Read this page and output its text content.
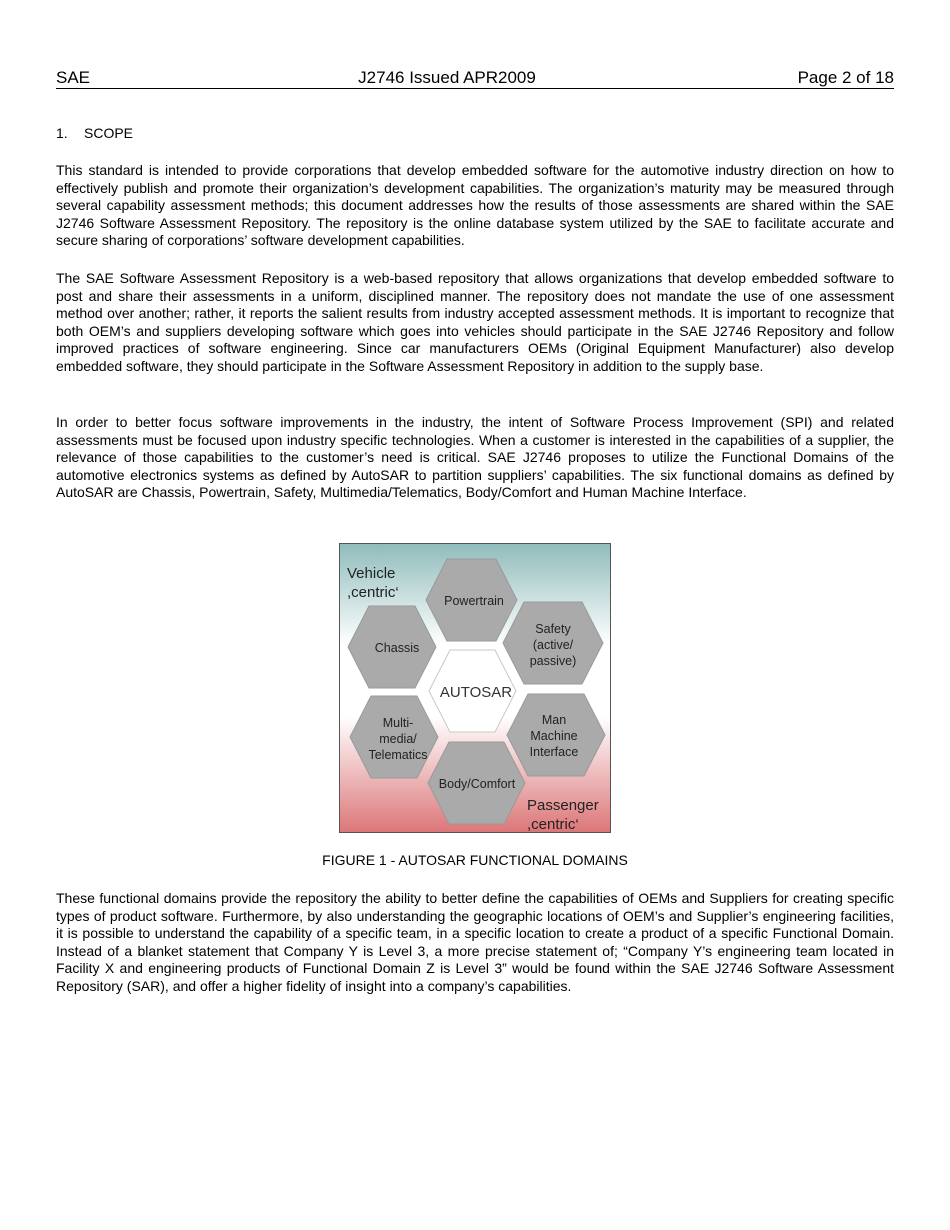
SAE	J2746 Issued APR2009	Page 2 of 18
1. SCOPE

This standard is intended to provide corporations that develop embedded software for the automotive industry direction on how to effectively publish and promote their organization’s development capabilities. The organization’s maturity may be measured through several capability assessment methods; this document addresses how the results of those assessments are shared within the SAE J2746 Software Assessment Repository. The repository is the online database system utilized by the SAE to facilitate accurate and secure sharing of corporations’ software development capabilities.

The SAE Software Assessment Repository is a web-based repository that allows organizations that develop embedded software to post and share their assessments in a uniform, disciplined manner. The repository does not mandate the use of one assessment method over another; rather, it reports the salient results from industry accepted assessment methods. It is important to recognize that both OEM’s and suppliers developing software which goes into vehicles should participate in the SAE J2746 Repository and follow improved practices of software engineering. Since car manufacturers OEMs (Original Equipment Manufacturer) also develop embedded software, they should participate in the Software Assessment Repository in addition to the supply base.

In order to better focus software improvements in the industry, the intent of Software Process Improvement (SPI) and related assessments must be focused upon industry specific technologies. When a customer is interested in the capabilities of a supplier, the relevance of those capabilities to the customer’s need is critical. SAE J2746 proposes to utilize the Functional Domains of the automotive electronics systems as defined by AutoSAR to partition suppliers’ capabilities. The six functional domains as defined by AutoSAR are Chassis, Powertrain, Safety, Multimedia/Telematics, Body/Comfort and Human Machine Interface.

Vehicle
,centric‘
Passenger
,centric‘
AUTOSAR
Powertrain
Chassis
Safety
(active/
passive)
Multi-
media/
Telematics
Man
Machine
Interface
Body/Comfort
FIGURE 1 - AUTOSAR FUNCTIONAL DOMAINS

These functional domains provide the repository the ability to better define the capabilities of OEMs and Suppliers for creating specific types of product software. Furthermore, by also understanding the geographic locations of OEM’s and Supplier’s engineering facilities, it is possible to understand the capability of a specific team, in a specific location to create a product of a specific Functional Domain. Instead of a blanket statement that Company Y is Level 3, a more precise statement of; “Company Y’s engineering team located in Facility X and engineering products of Functional Domain Z is Level 3” would be found within the SAE J2746 Software Assessment Repository (SAR), and offer a higher fidelity of insight into a company’s capabilities.
